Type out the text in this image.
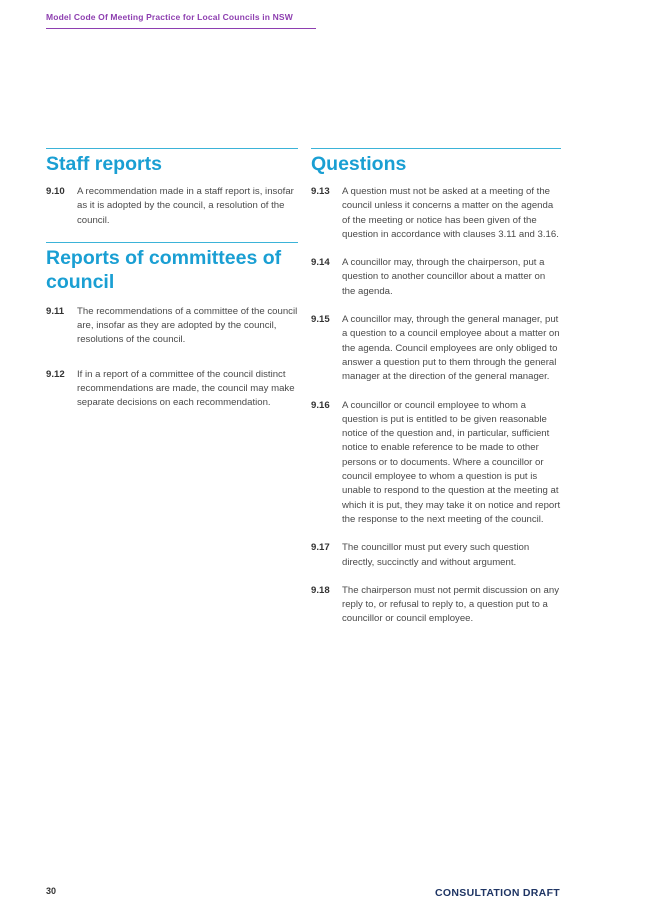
Model Code Of Meeting Practice for Local Councils in NSW
Staff reports
9.10	A recommendation made in a staff report is, insofar as it is adopted by the council, a resolution of the council.
Reports of committees of council
9.11	The recommendations of a committee of the council are, insofar as they are adopted by the council, resolutions of the council.
9.12	If in a report of a committee of the council distinct recommendations are made, the council may make separate decisions on each recommendation.
Questions
9.13	A question must not be asked at a meeting of the council unless it concerns a matter on the agenda of the meeting or notice has been given of the question in accordance with clauses 3.11 and 3.16.
9.14	A councillor may, through the chairperson, put a question to another councillor about a matter on the agenda.
9.15	A councillor may, through the general manager, put a question to a council employee about a matter on the agenda. Council employees are only obliged to answer a question put to them through the general manager at the direction of the general manager.
9.16	A councillor or council employee to whom a question is put is entitled to be given reasonable notice of the question and, in particular, sufficient notice to enable reference to be made to other persons or to documents. Where a councillor or council employee to whom a question is put is unable to respond to the question at the meeting at which it is put, they may take it on notice and report the response to the next meeting of the council.
9.17	The councillor must put every such question directly, succinctly and without argument.
9.18	The chairperson must not permit discussion on any reply to, or refusal to reply to, a question put to a councillor or council employee.
30	CONSULTATION DRAFT
